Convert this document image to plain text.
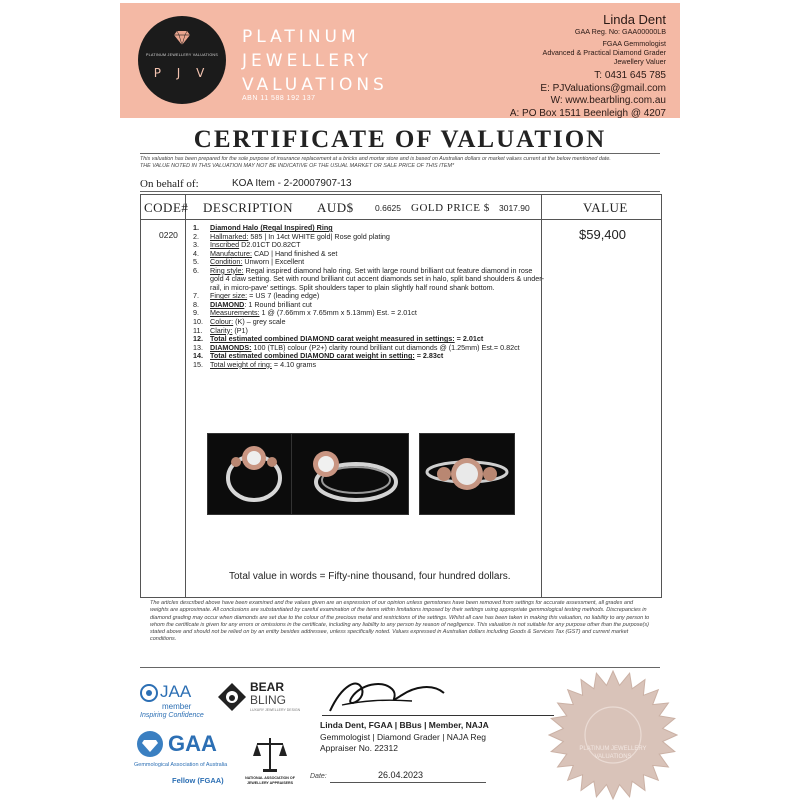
PLATINUM JEWELLERY VALUATIONS
P J V
PLATINUM
JEWELLERY
VALUATIONS
ABN 11 588 192 137
Linda Dent
GAA Reg. No: GAA00000LB
FGAA Gemmologist
Advanced & Practical Diamond Grader
Jewellery Valuer
T: 0431 645 785
E: PJValuations@gmail.com
W: www.bearbling.com.au
A: PO Box 1511 Beenleigh @ 4207
CERTIFICATE OF VALUATION
This valuation has been prepared for the sole purpose of insurance replacement at a bricks and mortar store and is based on Australian dollars or market values current at the below mentioned date.
THE VALUE NOTED IN THIS VALUATION MAY NOT BE INDICATIVE OF THE USUAL MARKET OR SALE PRICE OF THIS ITEM*
On behalf of:	KOA Item - 2-20007907-13
CODE# DESCRIPTION AUD$	0.6625 GOLD PRICE $ 3017.90	VALUE
0220	$59,400
1.	Diamond Halo (Regal Inspired) Ring
2.	Hallmarked: 585 | In 14ct WHITE gold| Rose gold plating
3.	Inscribed D2.01CT D0.82CT
4.	Manufacture: CAD | Hand finished & set
5.	Condition: Unworn | Excellent
6.	Ring style: Regal inspired diamond halo ring. Set with large round brilliant cut feature diamond in rose gold 4 claw setting. Set with round brilliant cut accent diamonds set in halo, split band shoulders & under-rail, in micro-pave' settings. Split shoulders taper to plain slightly half round shank bottom.
7.	Finger size: = US 7 (leading edge)
8.	DIAMOND: 1 Round brilliant cut
9.	Measurements: 1 @ (7.66mm x 7.65mm x 5.13mm) Est. = 2.01ct
10. Colour: (K) – grey scale
11.	Clarity: (P1)
12. Total estimated combined DIAMOND carat weight measured in settings: = 2.01ct
13. DIAMONDS: 100 (TLB) colour (P2+) clarity round brilliant cut diamonds @ (1.25mm) Est.= 0.82ct
14. Total estimated combined DIAMOND carat weight in setting: = 2.83ct
15. Total weight of ring: = 4.10 grams
Total value in words = Fifty-nine thousand, four hundred dollars.
The articles described above have been examined and the values given are an expression of our opinion unless gemstones have been removed from settings for accurate assessment, all grades and weights are approximate. All conclusions are substantiated by careful examination of the items within limitations imposed by their settings using appropriate gemmological testing methods. Discrepancies in diamond grading may occur when diamonds are set due to the colour of the precious metal and restrictions of the settings. Whilst all care has been taken in making this valuation, no liability to any person to whom the certificate is given for any errors or omissions in the certificate, including any liability to any person by reason of negligence. This valuation is not suitable for any purpose other than the purpose(s) stated above and should not be relied on by an entity besides addressee, unless specifically noted. Values expressed in Australian dollars including Goods & Services Tax (GST) and current market conditions.
JAA
member
Inspiring Confidence
BEAR
BLING
LUXURY JEWELLERY DESIGN
GAA
Gemmological Association of Australia
Fellow (FGAA)	NATIONAL ASSOCIATION OF JEWELLERY APPRAISERS
Linda Dent, FGAA | BBus | Member, NAJA
Gemmologist | Diamond Grader | NAJA Reg
Appraiser No. 22312
Date:	26.04.2023
PLATINUM JEWELLERY
VALUATIONS
